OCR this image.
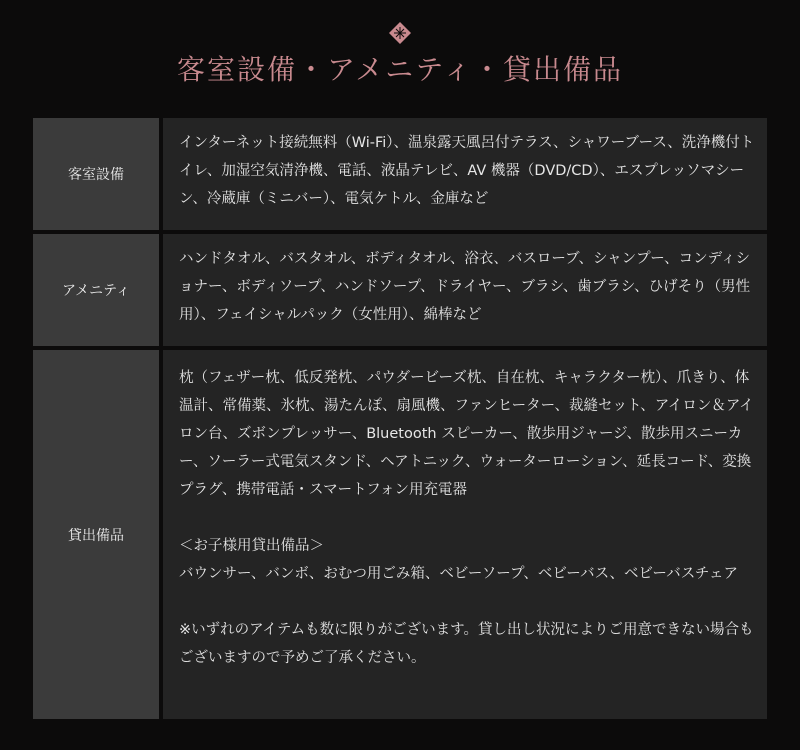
客室設備・アメニティ・貸出備品
客室設備
インターネット接続無料（Wi-Fi）、温泉露天風呂付テラス、シャワーブース、洗浄機付トイレ、加湿空気清浄機、電話、液晶テレビ、AV 機器（DVD/CD）、エスプレッソマシーン、冷蔵庫（ミニバー）、電気ケトル、金庫など
アメニティ
ハンドタオル、バスタオル、ボディタオル、浴衣、バスローブ、シャンプー、コンディショナー、ボディソープ、ハンドソープ、ドライヤー、ブラシ、歯ブラシ、ひげそり（男性用）、フェイシャルパック（女性用）、綿棒など
貸出備品
枕（フェザー枕、低反発枕、パウダービーズ枕、自在枕、キャラクター枕）、爪きり、体温計、常備薬、氷枕、湯たんぽ、扇風機、ファンヒーター、裁縫セット、アイロン＆アイロン台、ズボンプレッサー、Bluetooth スピーカー、散歩用ジャージ、散歩用スニーカー、ソーラー式電気スタンド、ヘアトニック、ウォーターローション、延長コード、変換プラグ、携帯電話・スマートフォン用充電器

＜お子様用貸出備品＞
バウンサー、バンボ、おむつ用ごみ箱、ベビーソープ、ベビーバス、ベビーバスチェア

※いずれのアイテムも数に限りがございます。貸し出し状況によりご用意できない場合もございますので予めご了承ください。
